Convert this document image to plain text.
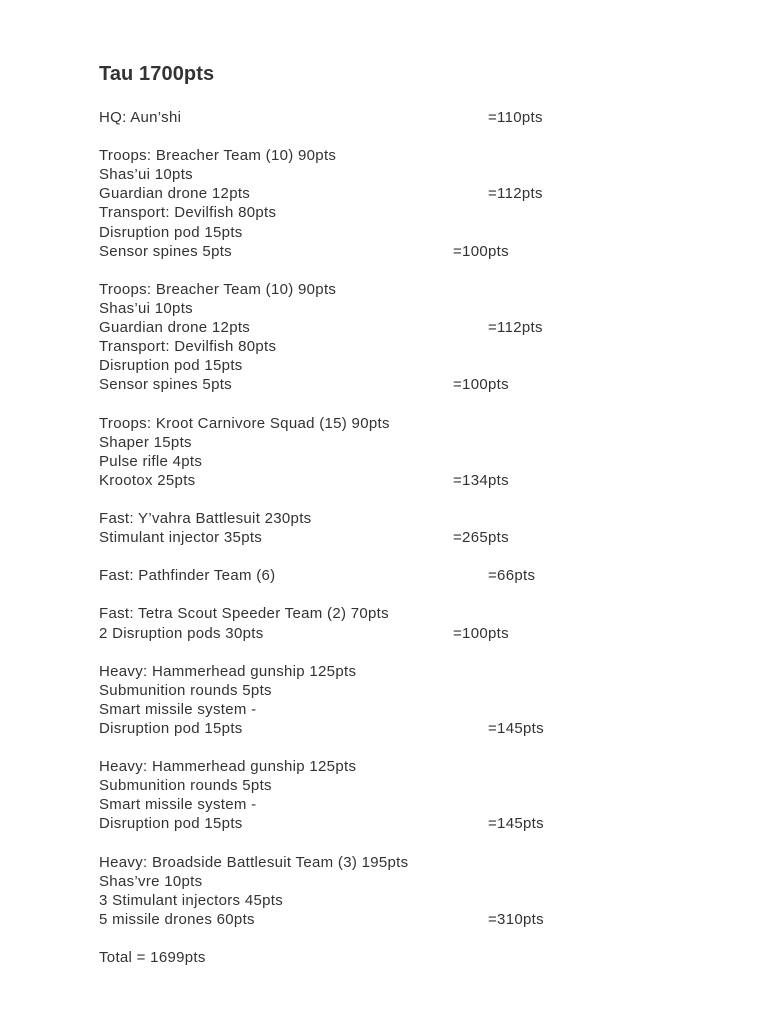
Tau 1700pts
HQ: Aun’shi	=110pts
Troops: Breacher Team (10) 90pts
Shas’ui 10pts
Guardian drone 12pts	=112pts
Transport: Devilfish 80pts
Disruption pod 15pts
Sensor spines 5pts	=100pts
Troops: Breacher Team (10) 90pts
Shas’ui 10pts
Guardian drone 12pts	=112pts
Transport: Devilfish 80pts
Disruption pod 15pts
Sensor spines 5pts	=100pts
Troops: Kroot Carnivore Squad (15) 90pts
Shaper 15pts
Pulse rifle 4pts
Krootox 25pts	=134pts
Fast: Y’vahra Battlesuit 230pts
Stimulant injector 35pts	=265pts
Fast: Pathfinder Team (6)	=66pts
Fast: Tetra Scout Speeder Team (2) 70pts
2 Disruption pods 30pts	=100pts
Heavy: Hammerhead gunship 125pts
Submunition rounds 5pts
Smart missile system -
Disruption pod 15pts	=145pts
Heavy: Hammerhead gunship 125pts
Submunition rounds 5pts
Smart missile system -
Disruption pod 15pts	=145pts
Heavy: Broadside Battlesuit Team (3) 195pts
Shas’vre 10pts
3 Stimulant injectors 45pts
5 missile drones 60pts	=310pts
Total = 1699pts
